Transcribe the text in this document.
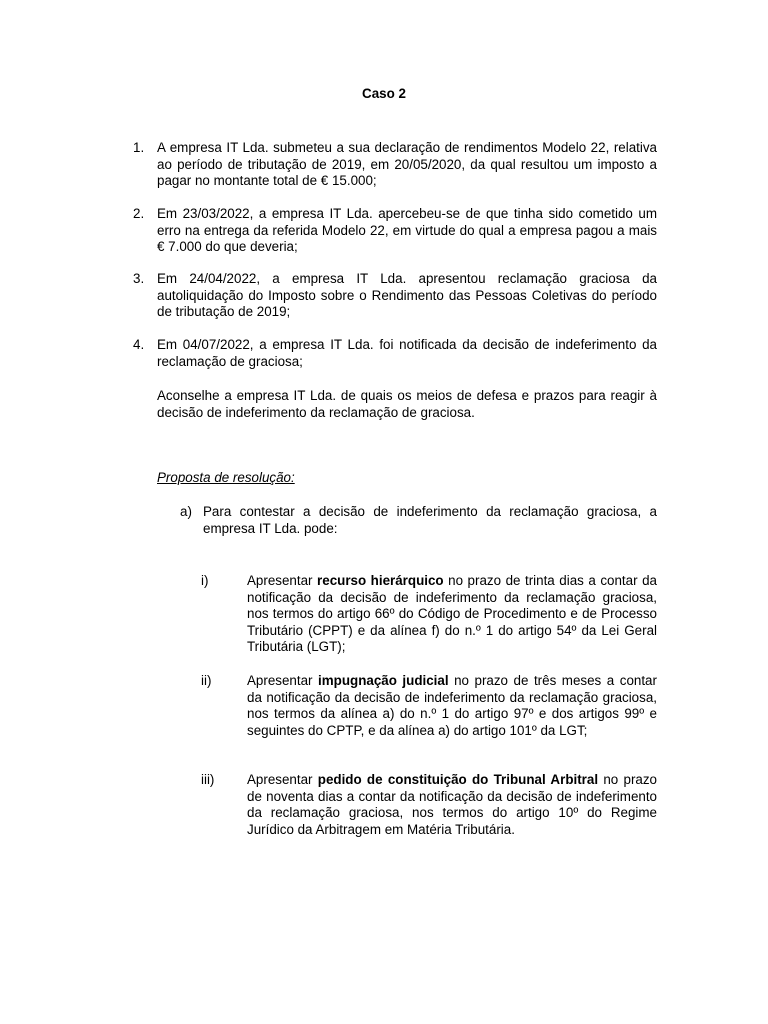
Caso 2
1. A empresa IT Lda. submeteu a sua declaração de rendimentos Modelo 22, relativa ao período de tributação de 2019, em 20/05/2020, da qual resultou um imposto a pagar no montante total de € 15.000;
2. Em 23/03/2022, a empresa IT Lda. apercebeu-se de que tinha sido cometido um erro na entrega da referida Modelo 22, em virtude do qual a empresa pagou a mais € 7.000 do que deveria;
3. Em 24/04/2022, a empresa IT Lda. apresentou reclamação graciosa da autoliquidação do Imposto sobre o Rendimento das Pessoas Coletivas do período de tributação de 2019;
4. Em 04/07/2022, a empresa IT Lda. foi notificada da decisão de indeferimento da reclamação de graciosa;
Aconselhe a empresa IT Lda. de quais os meios de defesa e prazos para reagir à decisão de indeferimento da reclamação de graciosa.
Proposta de resolução:
a) Para contestar a decisão de indeferimento da reclamação graciosa, a empresa IT Lda. pode:
i)	Apresentar recurso hierárquico no prazo de trinta dias a contar da notificação da decisão de indeferimento da reclamação graciosa, nos termos do artigo 66º do Código de Procedimento e de Processo Tributário (CPPT) e da alínea f) do n.º 1 do artigo 54º da Lei Geral Tributária (LGT);
ii)	Apresentar impugnação judicial no prazo de três meses a contar da notificação da decisão de indeferimento da reclamação graciosa, nos termos da alínea a) do n.º 1 do artigo 97º e dos artigos 99º e seguintes do CPTP, e da alínea a) do artigo 101º da LGT;
iii) Apresentar pedido de constituição do Tribunal Arbitral no prazo de noventa dias a contar da notificação da decisão de indeferimento da reclamação graciosa, nos termos do artigo 10º do Regime Jurídico da Arbitragem em Matéria Tributária.
